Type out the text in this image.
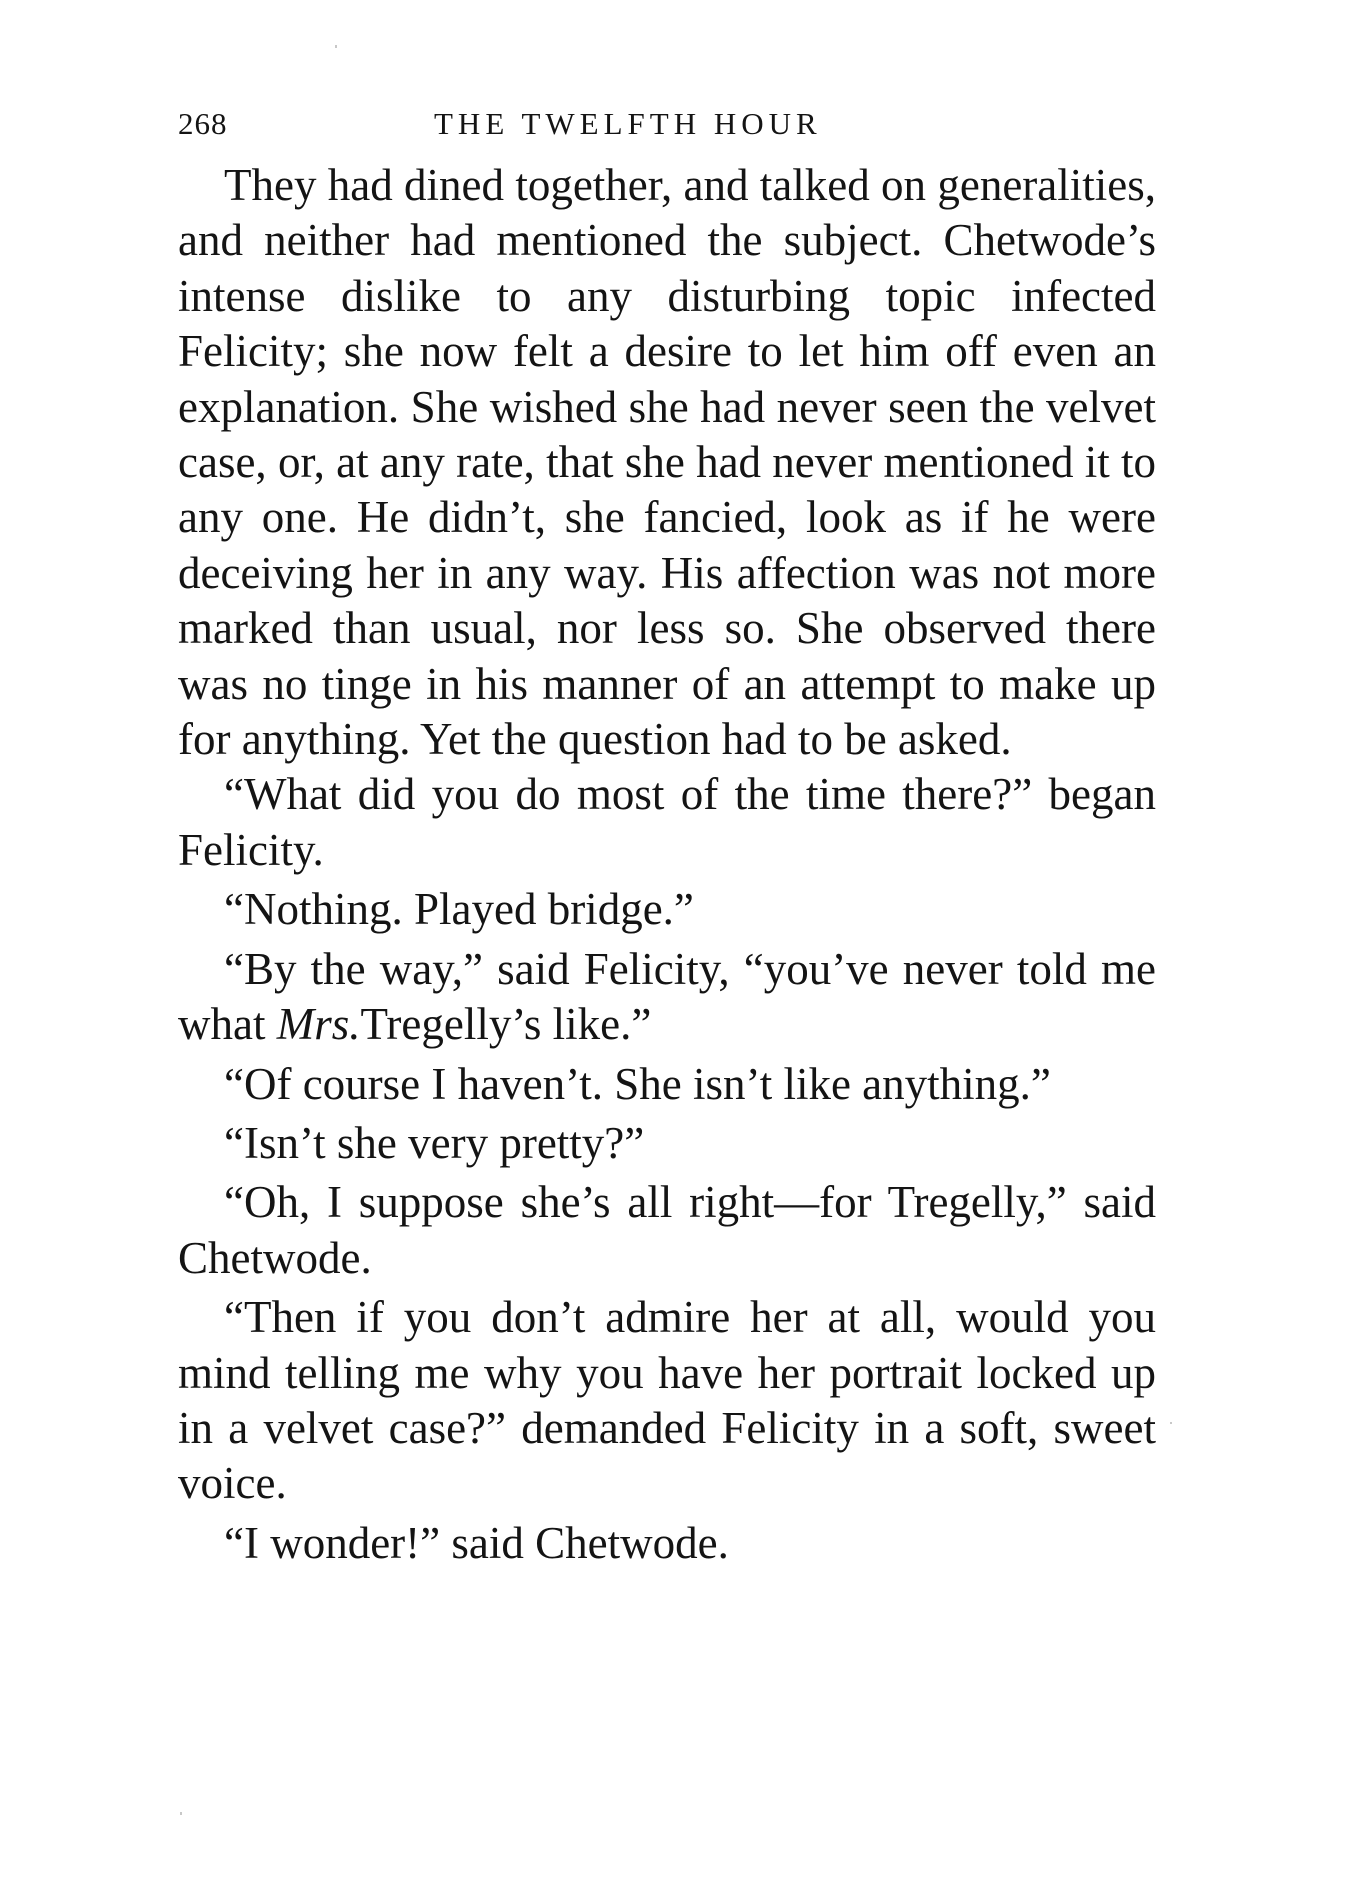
268	THE TWELFTH HOUR

They had dined together, and talked on generalities, and neither had mentioned the subject. Chetwode’s intense dislike to any disturbing topic infected Felicity; she now felt a desire to let him off even an explanation. She wished she had never seen the velvet case, or, at any rate, that she had never mentioned it to any one. He didn’t, she fancied, look as if he were deceiving her in any way. His affection was not more marked than usual, nor less so. She observed there was no tinge in his manner of an attempt to make up for anything. Yet the question had to be asked.

“What did you do most of the time there?” began Felicity.

“Nothing. Played bridge.”

“By the way,” said Felicity, “you’ve never told me what Mrs.Tregelly’s like.”

“Of course I haven’t. She isn’t like anything.”

“Isn’t she very pretty?”

“Oh, I suppose she’s all right—for Tregelly,” said Chetwode.

“Then if you don’t admire her at all, would you mind telling me why you have her portrait locked up in a velvet case?” demanded Felicity in a soft, sweet voice.

“I wonder!” said Chetwode.
